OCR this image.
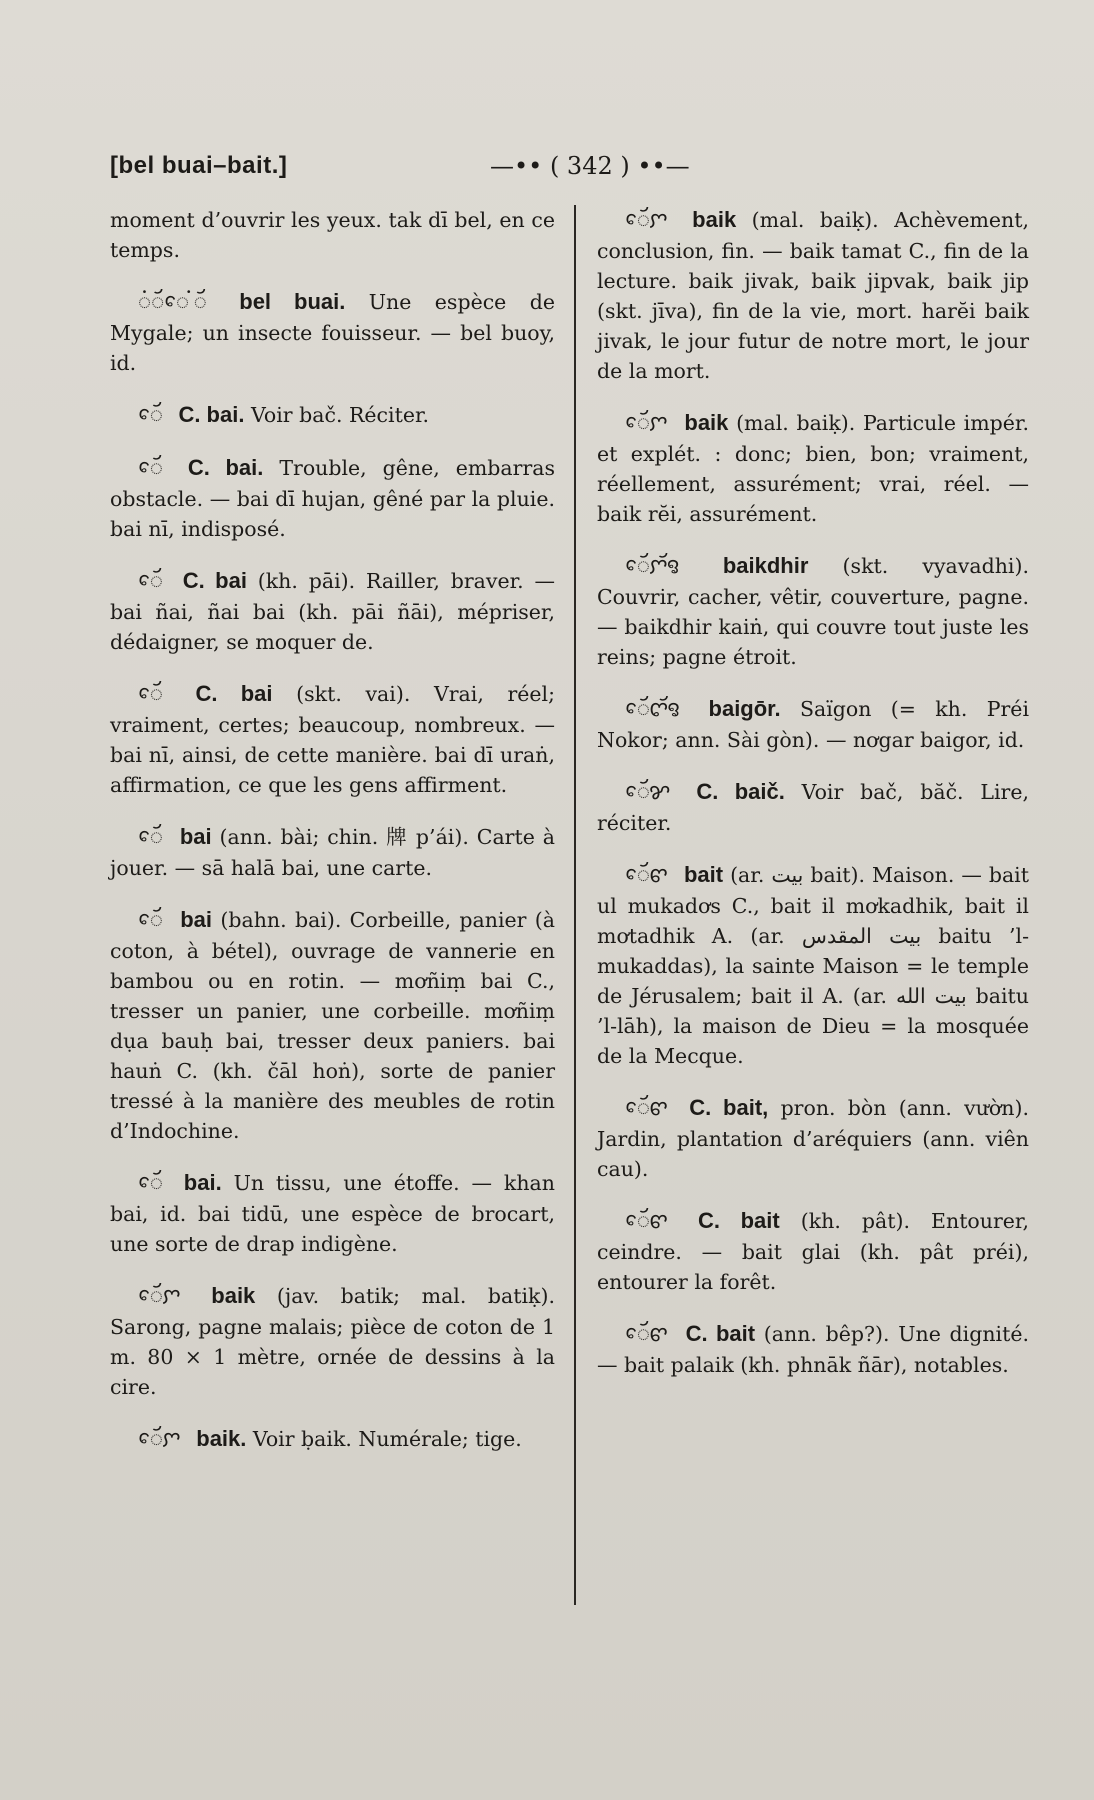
[bel buai–bait.]	—•• ( 342 ) ••—

moment d’ouvrir les yeux. tak dī bel, en ce temps.

ꩌꨮꨯ ꩌꨮ bel buai. Une espèce de Mygale; un insecte fouisseur. — bel buoy, id.

ꨯꨮ C. bai. Voir bač. Réciter.

ꨯꨮ C. bai. Trouble, gêne, embarras obstacle. — bai dī hujan, gêné par la pluie. bai nī, indisposé.

ꨯꨮ C. bai (kh. pāi). Railler, braver. — bai ñai, ñai bai (kh. pāi ñāi), mépriser, dédaigner, se moquer de.

ꨯꨮ C. bai (skt. vai). Vrai, réel; vraiment, certes; beaucoup, nombreux. — bai nī, ainsi, de cette manière. bai dī uraṅ, affirmation, ce que les gens affirment.

ꨯꨮ bai (ann. bài; chin. 牌 p’ái). Carte à jouer. — sā halā bai, une carte.

ꨯꨮ bai (bahn. bai). Corbeille, panier (à coton, à bétel), ouvrage de vannerie en bambou ou en rotin. — mơñiṃ bai C., tresser un panier, une corbeille. mơñiṃ dụa bauḥ bai, tresser deux paniers. bai hauṅ C. (kh. čāl hoṅ), sorte de panier tressé à la manière des meubles de rotin d’Indochine.

ꨯꨮ bai. Un tissu, une étoffe. — khan bai, id. bai tidū, une espèce de brocart, une sorte de drap indigène.

ꨯꨮꨆ baik (jav. batik; mal. batiḳ). Sarong, pagne malais; pièce de coton de 1 m. 80 × 1 mètre, ornée de dessins à la cire.

ꨯꨮꨆ baik. Voir ḅaik. Numérale; tige.

ꨯꨮꨆ baik (mal. baiḳ). Achèvement, conclusion, fin. — baik tamat C., fin de la lecture. baik jivak, baik jipvak, baik jip (skt. jīva), fin de la vie, mort. harĕi baik jivak, le jour futur de notre mort, le jour de la mort.

ꨯꨮꨆ baik (mal. baiḳ). Particule impér. et explét. : donc; bien, bon; vraiment, réellement, assurément; vrai, réel. — baik rĕi, assurément.

ꨯꨮꨆꨮꨅ baikdhir (skt. vyavadhi). Couvrir, cacher, vêtir, couverture, pagne. — baikdhir kaiṅ, qui couvre tout juste les reins; pagne étroit.

ꨯꨮꨈꨮꨅ baigōr. Saïgon (= kh. Préi Nokor; ann. Sài gòn). — nơgar baigor, id.

ꨯꨮꨌ C. baič. Voir bač, băč. Lire, réciter.

ꨯꨮꨓ bait (ar. بيت bait). Maison. — bait ul mukadơs C., bait il mơkadhik, bait il mơtadhik A. (ar. بيت المقدس baitu ’l-mukaddas), la sainte Maison = le temple de Jérusalem; bait il A. (ar. بيت الله baitu ’l-lāh), la maison de Dieu = la mosquée de la Mecque.

ꨯꨮꨓ C. bait, pron. bòn (ann. vườn). Jardin, plantation d’aréquiers (ann. viên cau).

ꨯꨮꨓ C. bait (kh. pât). Entourer, ceindre. — bait glai (kh. pât préi), entourer la forêt.

ꨯꨮꨓ C. bait (ann. bêp?). Une dignité. — bait palaik (kh. phnāk ñār), notables.
